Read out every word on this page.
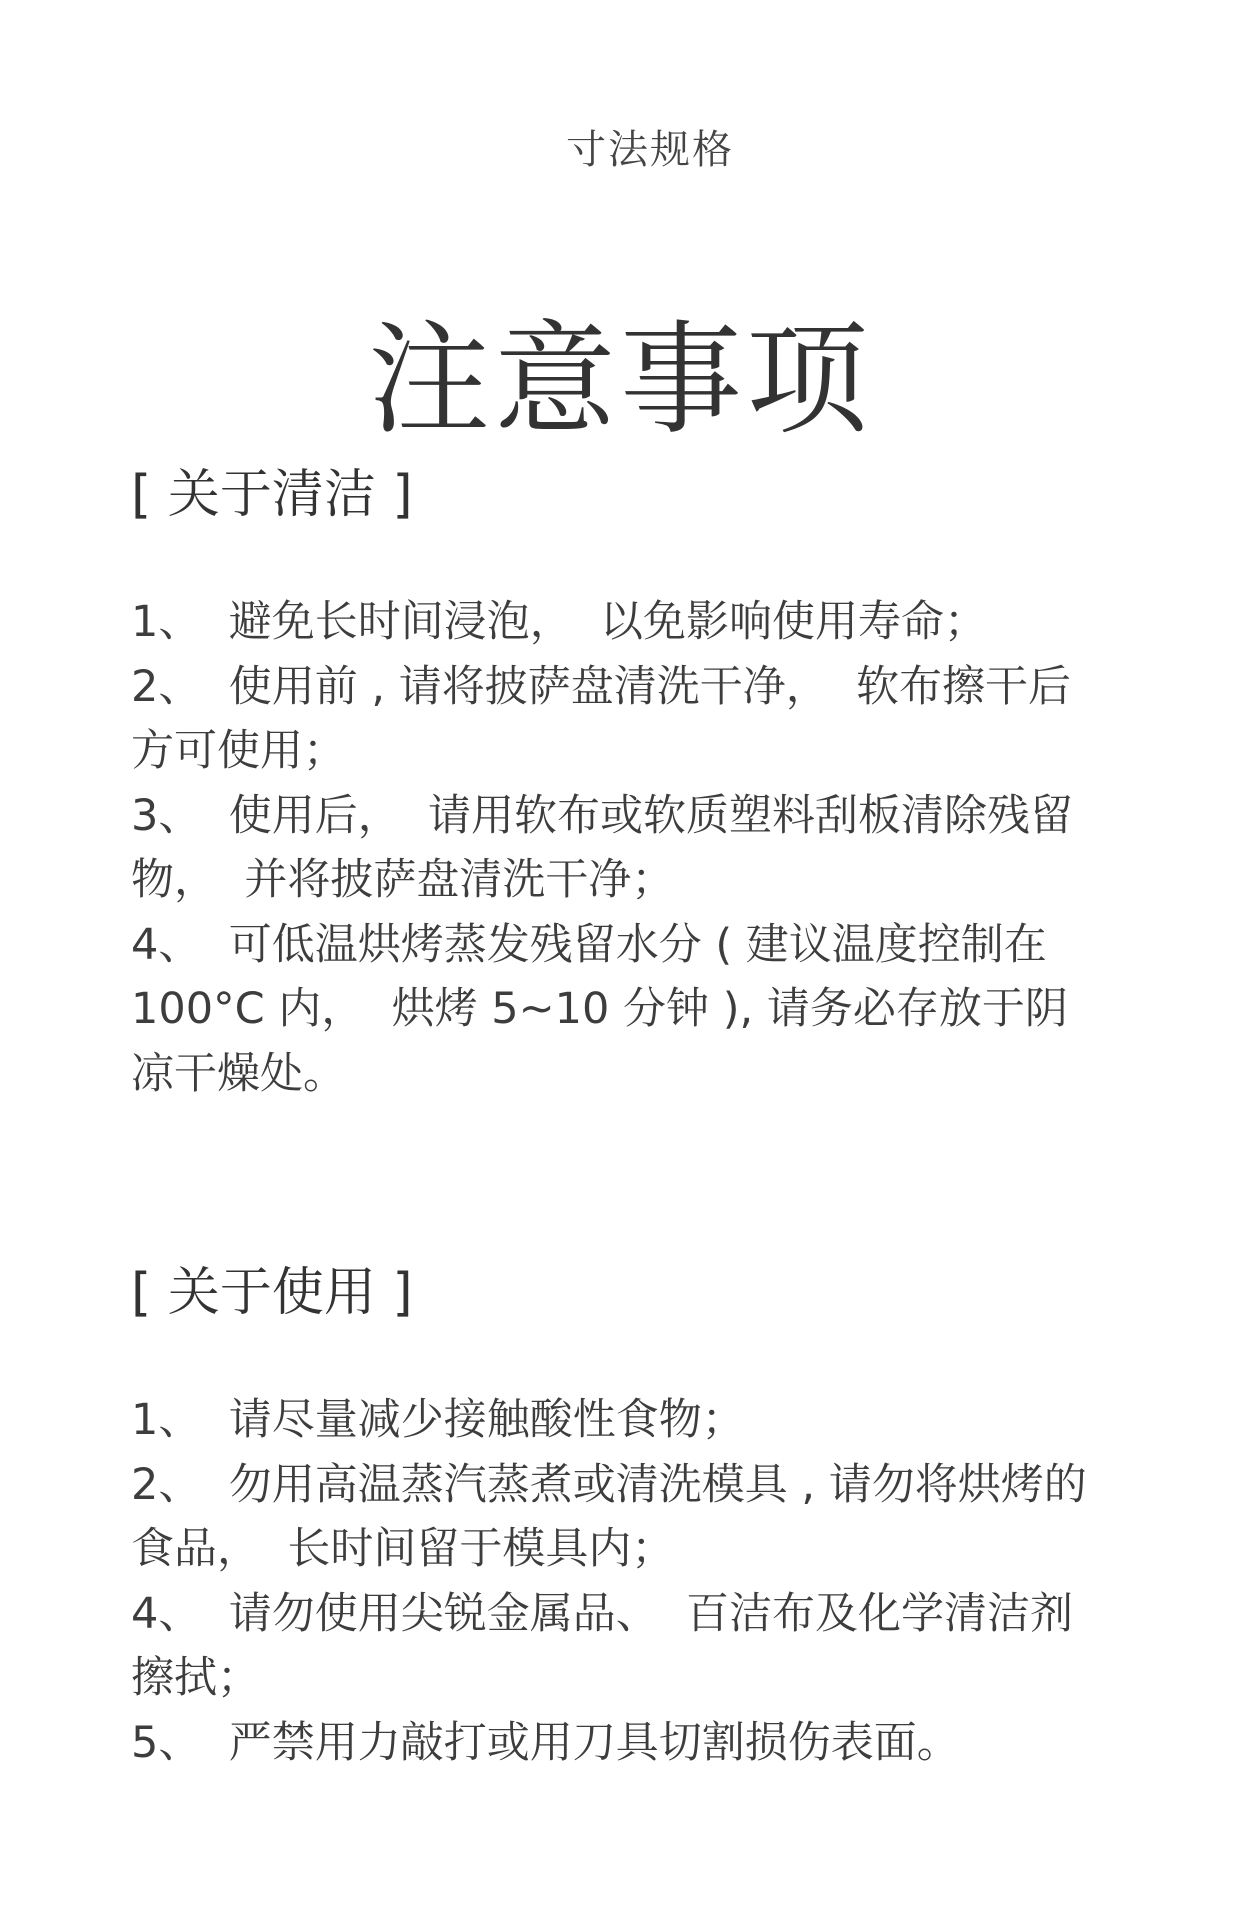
寸法规格
注意事项

[ 关于清洁 ]

1、  避免长时间浸泡，  以免影响使用寿命；

2、  使用前 , 请将披萨盘清洗干净，  软布擦干后方可使用；

3、  使用后，  请用软布或软质塑料刮板清除残留物，  并将披萨盘清洗干净；

4、  可低温烘烤蒸发残留水分 ( 建议温度控制在 100°C 内，  烘烤 5~10 分钟 ), 请务必存放于阴凉干燥处。

[ 关于使用 ]

1、  请尽量减少接触酸性食物；

2、  勿用高温蒸汽蒸煮或清洗模具 , 请勿将烘烤的食品，  长时间留于模具内；

4、  请勿使用尖锐金属品、  百洁布及化学清洁剂  擦拭；

5、  严禁用力敲打或用刀具切割损伤表面。
